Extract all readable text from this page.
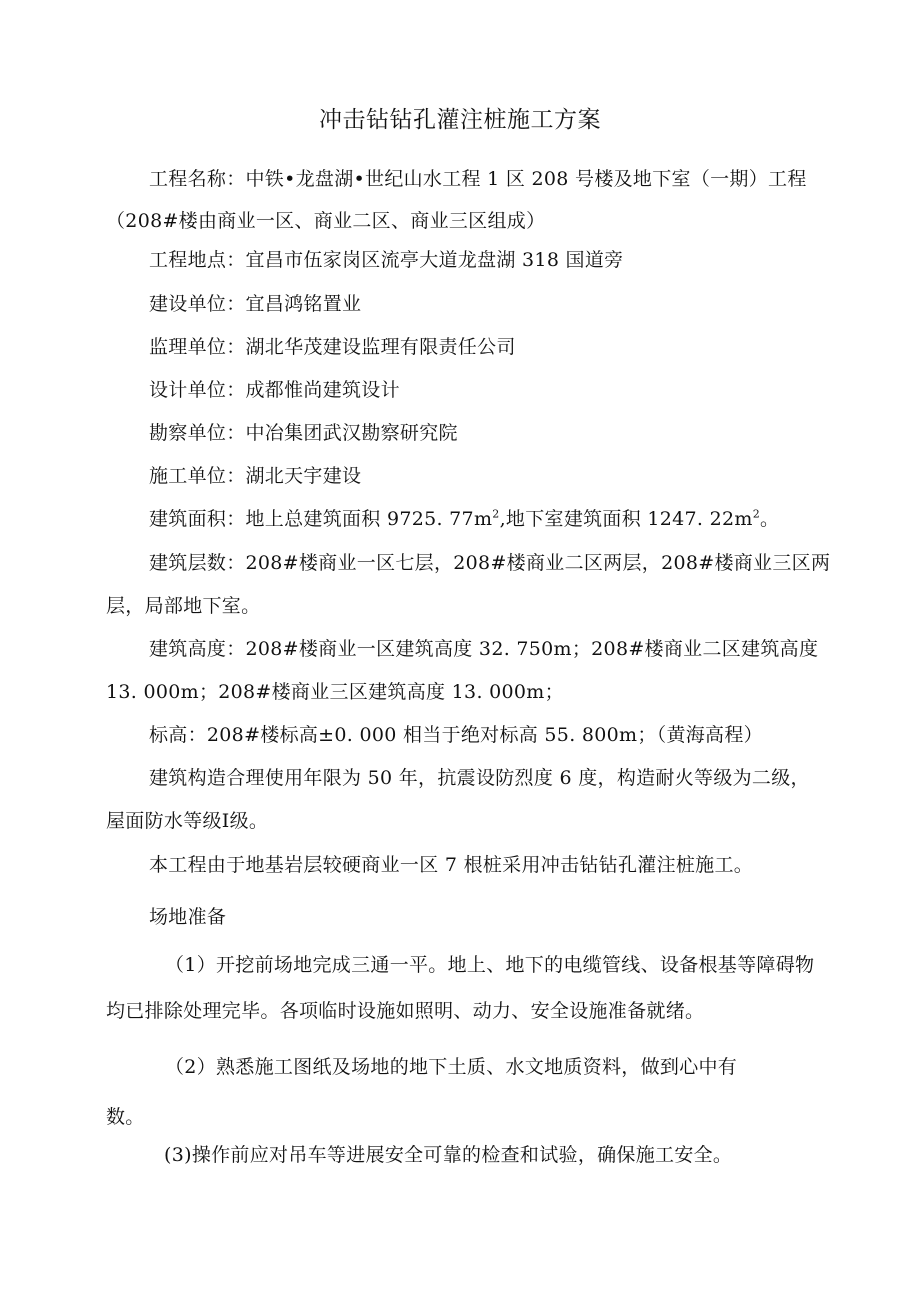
冲击钻钻孔灌注桩施工方案
工程名称：中铁•龙盘湖•世纪山水工程 1 区 208 号楼及地下室（一期）工程
（208#楼由商业一区、商业二区、商业三区组成）
工程地点：宜昌市伍家岗区流亭大道龙盘湖 318 国道旁
建设单位：宜昌鸿铭置业
监理单位：湖北华茂建设监理有限责任公司
设计单位：成都惟尚建筑设计
勘察单位：中冶集团武汉勘察研究院
施工单位：湖北天宇建设
建筑面积：地上总建筑面积 9725. $77m^2$,地下室建筑面积 1247. $22m^2$。
建筑层数：208#楼商业一区七层，208#楼商业二区两层，208#楼商业三区两
层，局部地下室。
建筑高度：208#楼商业一区建筑高度 32. 750m；208#楼商业二区建筑高度
13. 000m；208#楼商业三区建筑高度 13. 000m；
标高：208#楼标高±0. 000 相当于绝对标高 55. 800m；（黄海高程）
建筑构造合理使用年限为 50 年，抗震设防烈度 6 度，构造耐火等级为二级，
屋面防水等级Ⅰ级。
本工程由于地基岩层较硬商业一区 7 根桩采用冲击钻钻孔灌注桩施工。
场地准备
（1）开挖前场地完成三通一平。地上、地下的电缆管线、设备根基等障碍物
均已排除处理完毕。各项临时设施如照明、动力、安全设施准备就绪。
（2）熟悉施工图纸及场地的地下土质、水文地质资料，做到心中有
数。
(3)操作前应对吊车等进展安全可靠的检查和试验，确保施工安全。
